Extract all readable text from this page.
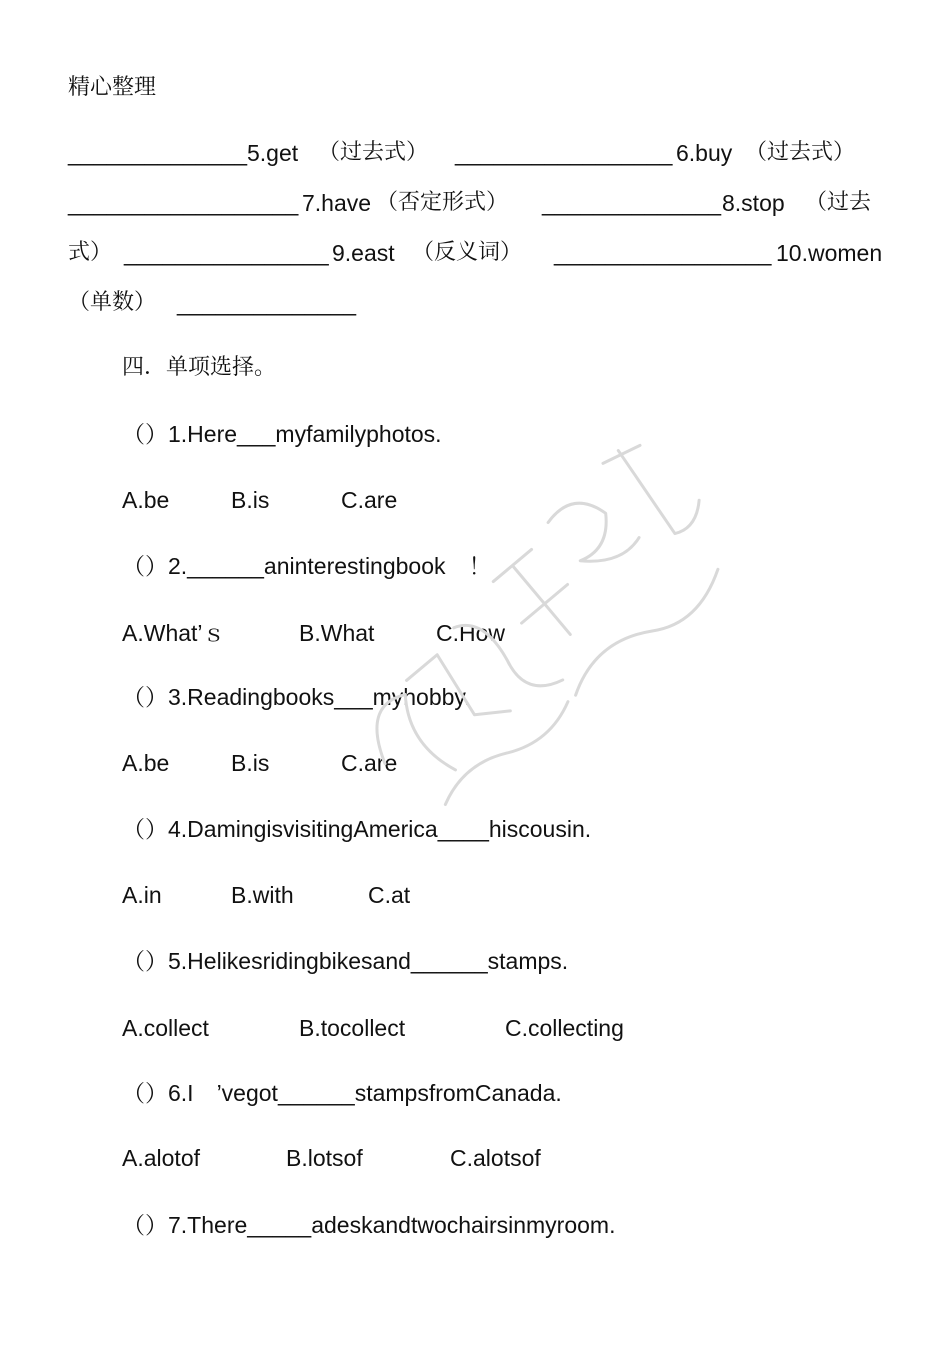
精心整理
______________ 5.get （过去式） _________________ 6.buy （过去式）
__________________ 7.have （否定形式） ______________ 8.stop （过去
式） ________________ 9.east （反义词） _________________ 10.women
（单数） ______________
四．单项选择。
（）1.Here___myfamilyphotos.
A.be	B.is	C.are
（）2.______aninterestingbook　！
A.What’ｓ	B.What	C.How
（）3.Readingbooks___myhobby.
A.be	B.is	C.are
（）4.DamingisvisitingAmerica____hiscousin.
A.in	B.with	C.at
（）5.Helikesridingbikesand______stamps.
A.collect	B.tocollect	C.collecting
（）6.I　’vegot______stampsfromCanada.
A.alotof	B.lotsof	C.alotsof
（）7.There_____adeskandtwochairsinmyroom.
